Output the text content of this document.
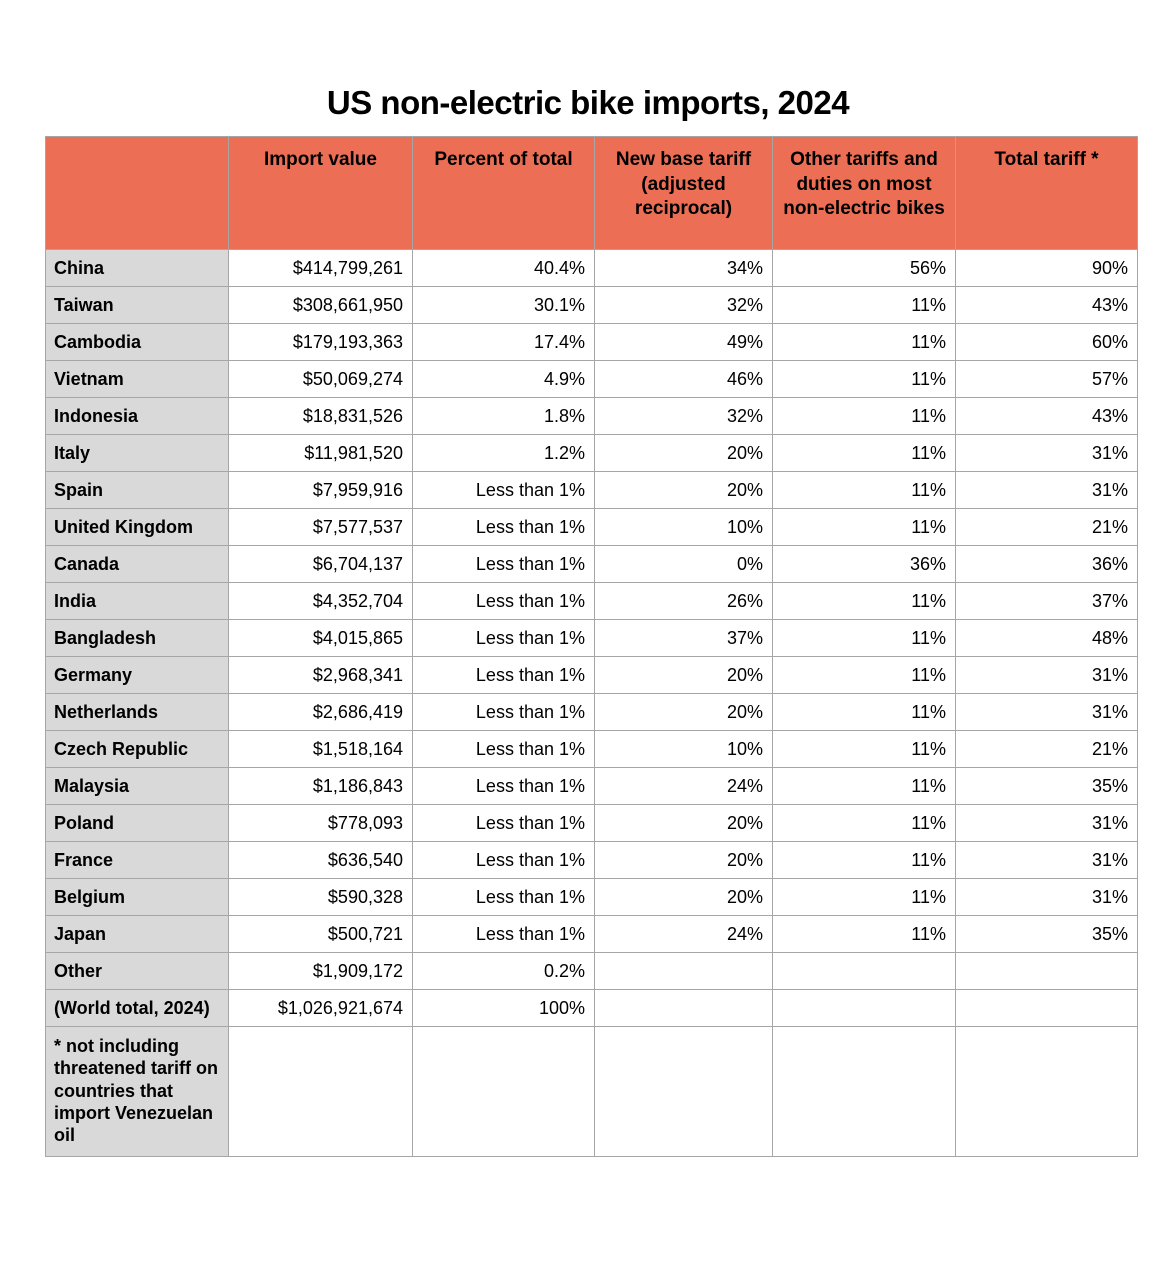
US non-electric bike imports, 2024
	Import value	Percent of total	New base tariff (adjusted reciprocal)	Other tariffs and duties on most non-electric bikes	Total tariff *
China	$414,799,261	40.4%	34%	56%	90%
Taiwan	$308,661,950	30.1%	32%	11%	43%
Cambodia	$179,193,363	17.4%	49%	11%	60%
Vietnam	$50,069,274	4.9%	46%	11%	57%
Indonesia	$18,831,526	1.8%	32%	11%	43%
Italy	$11,981,520	1.2%	20%	11%	31%
Spain	$7,959,916	Less than 1%	20%	11%	31%
United Kingdom	$7,577,537	Less than 1%	10%	11%	21%
Canada	$6,704,137	Less than 1%	0%	36%	36%
India	$4,352,704	Less than 1%	26%	11%	37%
Bangladesh	$4,015,865	Less than 1%	37%	11%	48%
Germany	$2,968,341	Less than 1%	20%	11%	31%
Netherlands	$2,686,419	Less than 1%	20%	11%	31%
Czech Republic	$1,518,164	Less than 1%	10%	11%	21%
Malaysia	$1,186,843	Less than 1%	24%	11%	35%
Poland	$778,093	Less than 1%	20%	11%	31%
France	$636,540	Less than 1%	20%	11%	31%
Belgium	$590,328	Less than 1%	20%	11%	31%
Japan	$500,721	Less than 1%	24%	11%	35%
Other	$1,909,172	0.2%			
(World total, 2024)	$1,026,921,674	100%			
* not including threatened tariff on countries that import Venezuelan oil					
